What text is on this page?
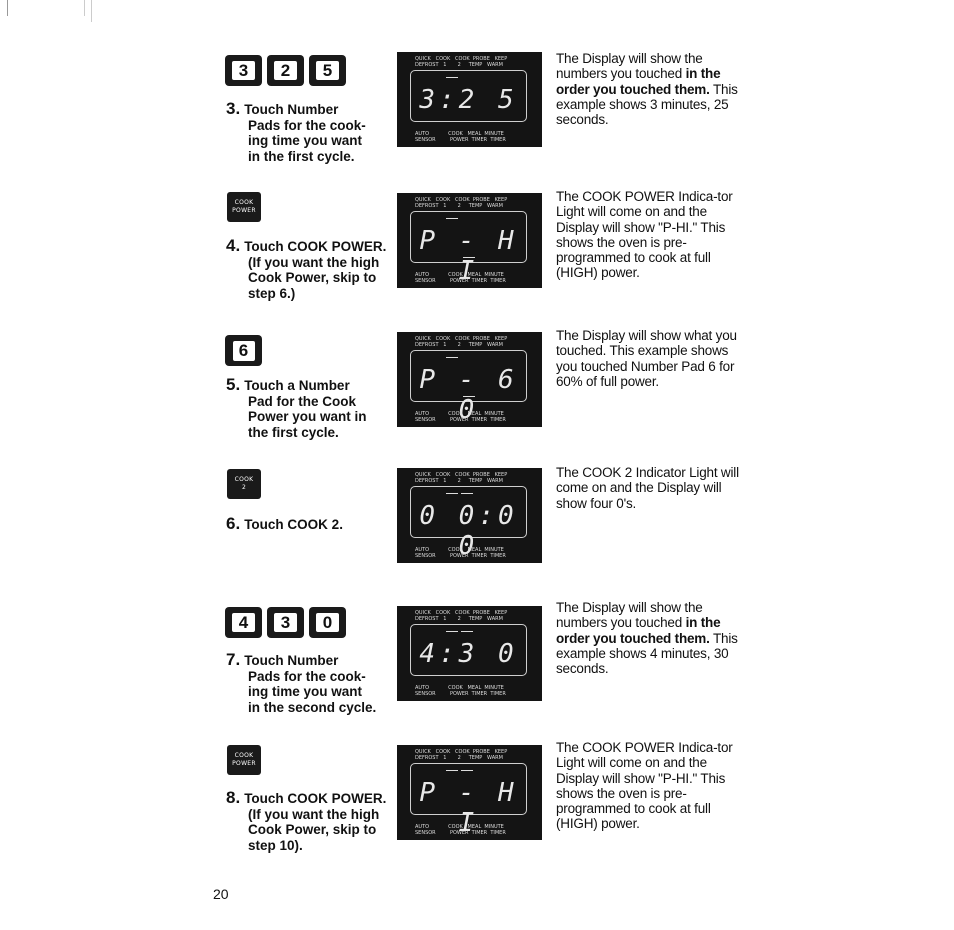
3	2	5
3. Touch Number
Pads for the cook-
ing time you want
in the first cycle.
QUICK   COOK   COOK  PROBE   KEEP
DEFROST   1       2     TEMP   WARM
3:2 5
AUTO            COOK   MEAL  MINUTE
SENSOR         POWER  TIMER  TIMER
The Display will show the numbers you touched in the order you touched them. This example shows 3 minutes, 25 seconds.
COOK
POWER
4. Touch COOK POWER.
(If you want the high
Cook Power, skip to
step 6.)
QUICK   COOK   COOK  PROBE   KEEP
DEFROST   1       2     TEMP   WARM
P - H I
AUTO            COOK   MEAL  MINUTE
SENSOR         POWER  TIMER  TIMER
The COOK POWER Indica-tor Light will come on and the Display will show "P-HI." This shows the oven is pre-programmed to cook at full (HIGH) power.
6
5. Touch a Number
Pad for the Cook
Power you want in
the first cycle.
QUICK   COOK   COOK  PROBE   KEEP
DEFROST   1       2     TEMP   WARM
P - 6 0
AUTO            COOK   MEAL  MINUTE
SENSOR         POWER  TIMER  TIMER
The Display will show what you touched. This example shows you touched Number Pad 6 for 60% of full power.
COOK
2
6. Touch COOK 2.
QUICK   COOK   COOK  PROBE   KEEP
DEFROST   1       2     TEMP   WARM
0 0:0 0
AUTO            COOK   MEAL  MINUTE
SENSOR         POWER  TIMER  TIMER
The COOK 2 Indicator Light will come on and the Display will show four 0's.
4	3	0
7. Touch Number
Pads for the cook-
ing time you want
in the second cycle.
QUICK   COOK   COOK  PROBE   KEEP
DEFROST   1       2     TEMP   WARM
4:3 0
AUTO            COOK   MEAL  MINUTE
SENSOR         POWER  TIMER  TIMER
The Display will show the numbers you touched in the order you touched them. This example shows 4 minutes, 30 seconds.
COOK
POWER
8. Touch COOK POWER.
(If you want the high
Cook Power, skip to
step 10).
QUICK   COOK   COOK  PROBE   KEEP
DEFROST   1       2     TEMP   WARM
P - H I
AUTO            COOK   MEAL  MINUTE
SENSOR         POWER  TIMER  TIMER
The COOK POWER Indica-tor Light will come on and the Display will show "P-HI." This shows the oven is pre-programmed to cook at full (HIGH) power.
20
